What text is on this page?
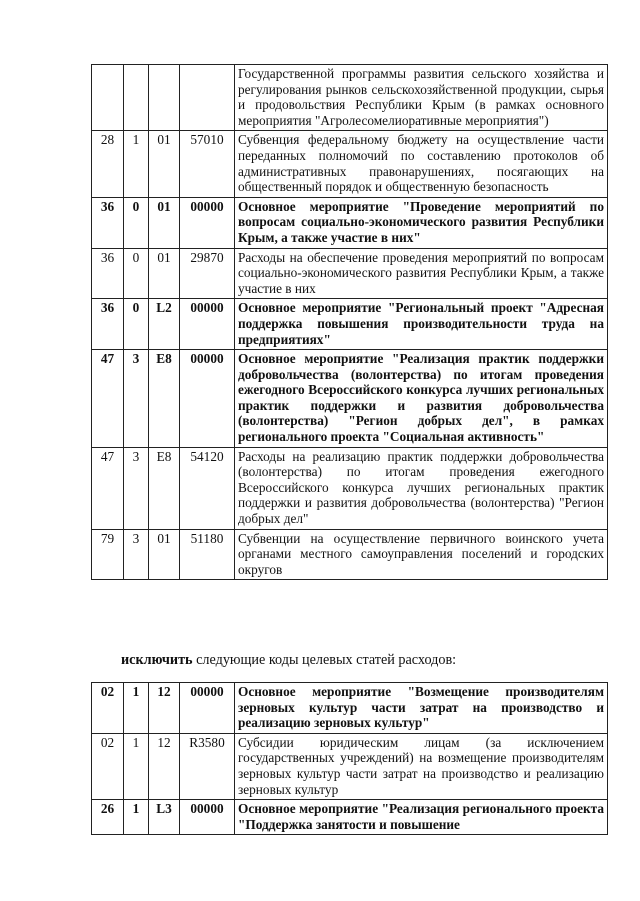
				Государственной программы развития сельского хозяйства и регулирования рынков сельскохозяйственной продукции, сырья и продовольствия Республики Крым (в рамках основного мероприятия "Агролесомелиоративные мероприятия")
28	1	01	57010	Субвенция федеральному бюджету на осуществление части переданных полномочий по составлению протоколов об административных правонарушениях, посягающих на общественный порядок и общественную безопасность
36	0	01	00000	Основное мероприятие "Проведение мероприятий по вопросам социально-экономического развития Республики Крым, а также участие в них"
36	0	01	29870	Расходы на обеспечение проведения мероприятий по вопросам социально-экономического развития Республики Крым, а также участие в них
36	0	L2	00000	Основное мероприятие "Региональный проект "Адресная поддержка повышения производительности труда на предприятиях"
47	3	E8	00000	Основное мероприятие "Реализация практик поддержки добровольчества (волонтерства) по итогам проведения ежегодного Всероссийского конкурса лучших региональных практик поддержки и развития добровольчества (волонтерства) "Регион добрых дел", в рамках регионального проекта "Социальная активность"
47	3	E8	54120	Расходы на реализацию практик поддержки добровольчества (волонтерства) по итогам проведения ежегодного Всероссийского конкурса лучших региональных практик поддержки и развития добровольчества (волонтерства) "Регион добрых дел"
79	3	01	51180	Субвенции на осуществление первичного воинского учета органами местного самоуправления поселений и городских округов
исключить следующие коды целевых статей расходов:
02	1	12	00000	Основное мероприятие "Возмещение производителям зерновых культур части затрат на производство и реализацию зерновых культур"
02	1	12	R3580	Субсидии юридическим лицам (за исключением государственных учреждений) на возмещение производителям зерновых культур части затрат на производство и реализацию зерновых культур
26	1	L3	00000	Основное мероприятие "Реализация регионального проекта "Поддержка занятости и повышение
